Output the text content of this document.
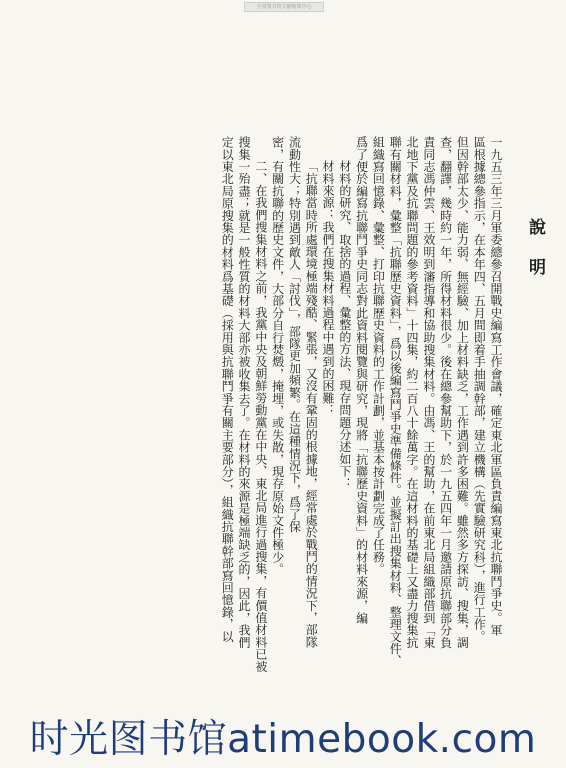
全国图书馆文献缩微中心
說　明
一九五三年三月軍委總參召開戰史編寫工作會議，確定東北軍區負責編寫東北抗聯鬥爭史。軍
區根據總參指示，在本年四、五月間即着手抽調幹部，建立機構（先實驗研究科），進行工作。
但因幹部太少、能力弱、無經驗、加上材料缺乏，工作遇到許多困難。雖然多方探訪、搜集，調
查，翻譯，幾時約一年，所得材料很少。後在總參幫助下，於一九五四年一月邀請原抗聯部分負
責同志馮仲雲、王效明到瀋指導和協助搜集材料。由馮、王的幫助，在前東北局組織部借到「東
北地下黨及抗聯問題的參考資料」十四集，約二百八十餘萬字。在這材料的基礎上又盡力搜集抗
聯有關材料，彙整「抗聯歷史資料」，爲以後編寫鬥爭史準備條件。並擬訂出搜集材料、整理文件、
組織寫回憶錄、彙整、打印抗聯歷史資料的工作計劃，並基本按計劃完成了任務。
爲了便於編寫抗聯鬥爭史同志對此資料閱覽與研究，現將「抗聯歷史資料」的材料來源，編
材料的研究、取捨的過程、彙整的方法、現存問題分述如下：
材料來源：我們在搜集材料過程中遇到的困難：
「抗聯當時所處環境極端殘酷、緊張，又沒有鞏固的根據地，經常處於戰鬥的情況下，部隊
流動性大；特別遇到敵人「討伐」，部隊更加頻繁。在這種情況下，爲了保
密，有關抗聯的歷史文件，大部分自行焚燬，掩埋，或失散，現存原始文件極少。
二、在我們搜集材料之前，我黨中央及朝鮮勞動黨在中央、東北局進行過搜集，有價值材料已被
搜集一殆盡；就是一般性質的材料大部亦被收集去了。在材料的來源是極端缺乏的，因此，我們
定以東北局原搜集的材料爲基礎（採用與抗聯鬥爭有關主要部分），組織抗聯幹部寫回憶錄，以
时光图书馆atimebook.com
